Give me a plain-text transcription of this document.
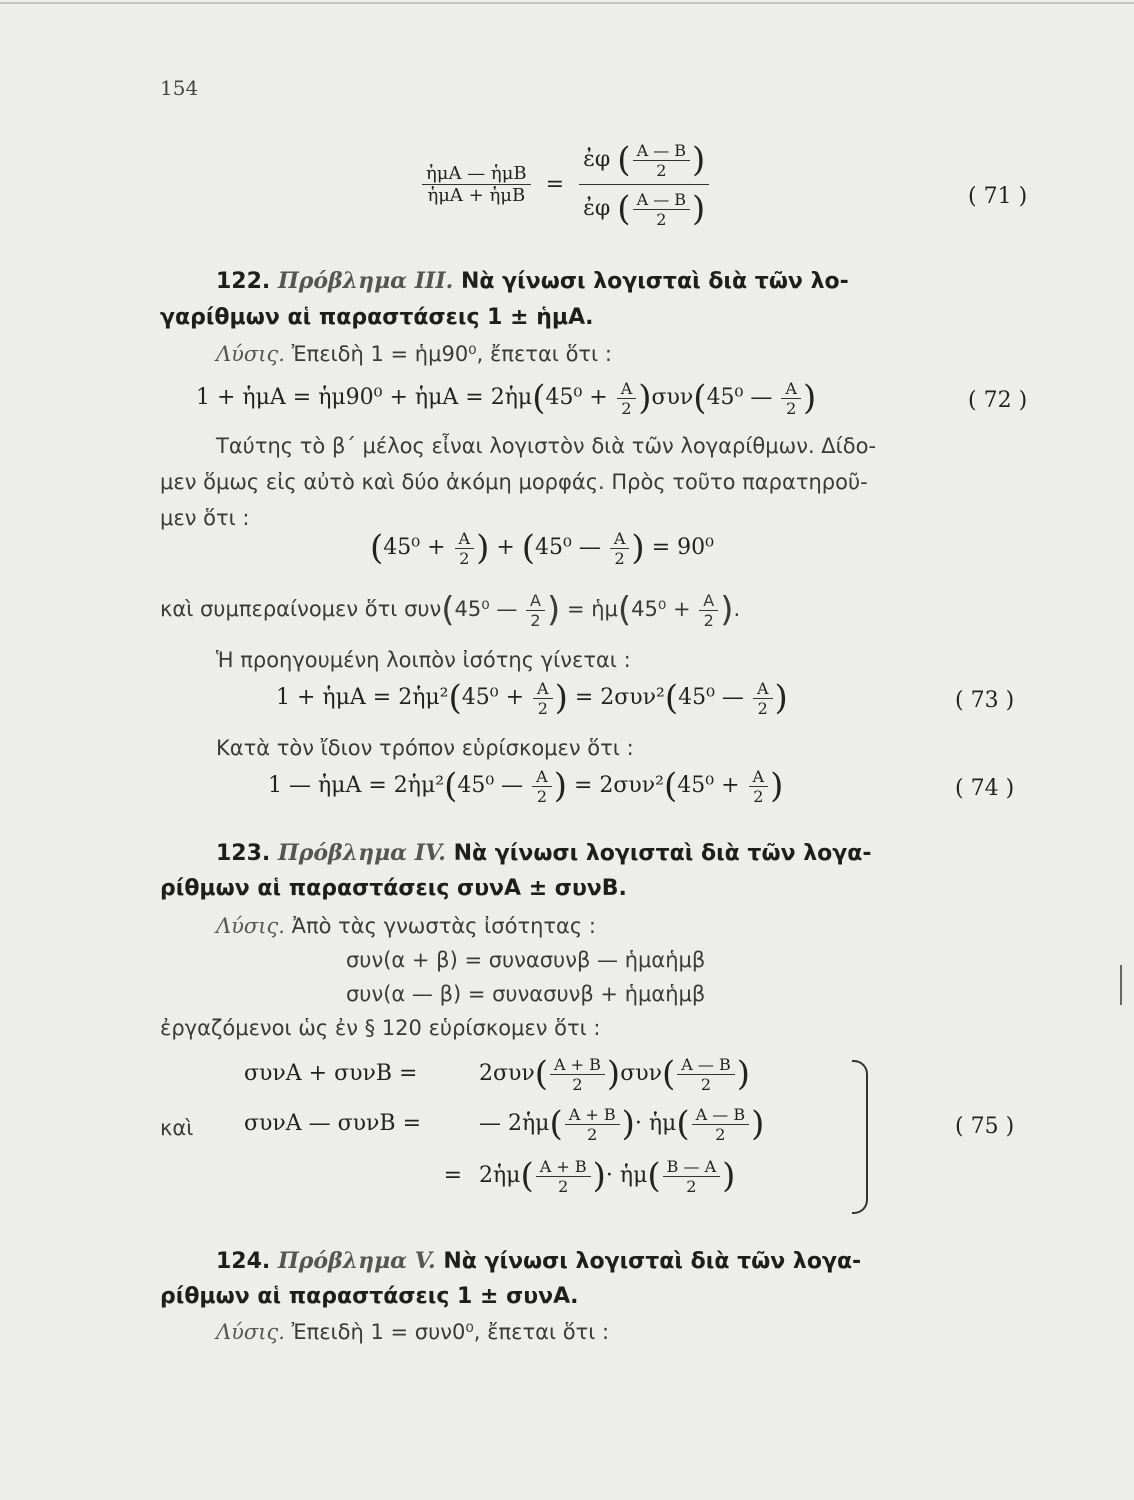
154
$\frac{\text{ἡμΑ — ἡμΒ}}{\text{ἡμΑ + ἡμΒ}} = \frac{ἐ\varphi ( \frac{A — B}{2} )}{ἐ\varphi ( \frac{A — B}{2} )}$	( 71 )
122. Πρόβλημα ΙΙΙ. Νὰ γίνωσι λογισταὶ διὰ τῶν λο-
γαρίθμων αἱ παραστάσεις 1 ± ἡμΑ.
Λύσις. Ἐπειδὴ 1 = ἡμ90⁰, ἔπεται ὅτι :
1 + ἡμΑ = ἡμ90⁰ + ἡμΑ = 2ἡμ(45⁰ + $\frac{A}{2} )\sigma\upsilon\nu(45^0$ — $\frac{A}{2}$ )	( 72 )
Ταύτης τὸ β΄ μέλος εἶναι λογιστὸν διὰ τῶν λογαρίθμων. Δίδο-
μεν ὅμως εἰς αὐτὸ καὶ δύο ἀκόμη μορφάς. Πρὸς τοῦτο παρατηροῦ-
μεν ὅτι :
($45^0 + \frac{A}{2}$ ) + (45⁰ — $\frac{A}{2}$ ) = 90⁰
καὶ συμπεραίνομεν ὅτι συν(45⁰ — $\frac{A}{2}$ ) = ἡμ(45⁰ + $\frac{A}{2}$ ).
Ἡ προηγουμένη λοιπὸν ἰσότης γίνεται :
1 + ἡμΑ = 2ἡμ²(45⁰ + $\frac{A}{2}$ ) = 2συν²(45⁰ — $\frac{A}{2}$ )	( 73 )
Κατὰ τὸν ἴδιον τρόπον εὑρίσκομεν ὅτι :
1 — ἡμΑ = 2ἡμ²(45⁰ — $\frac{A}{2}$ ) = $2\sigma\upsilon\nu^2(45^0 + \frac{A}{2}$ )	( 74 )
123. Πρόβλημα ΙV. Νὰ γίνωσι λογισταὶ διὰ τῶν λογα-
ρίθμων αἱ παραστάσεις συνΑ ± συνΒ.
Λύσις. Ἀπὸ τὰς γνωστὰς ἰσότητας :
συν(α + β) = συνασυνβ — ἡμαἡμβ
συν(α — β) = συνασυνβ + ἡμαἡμβ
ἐργαζόμενοι ὡς ἐν § 120 εὑρίσκομεν ὅτι :
συνΑ + συνΒ =	$2\sigma\upsilon\nu( \frac{A + B}{2} )\sigma\upsilon\nu( \frac{A — B}{2}$ )
καὶ συνΑ — συνΒ =	— 2ἡμ( $\frac{A + B}{2}$ )· ἡμ( $\frac{A — B}{2}$ )
= 2ἡμ( $\frac{A + B}{2}$ )· ἡμ( $\frac{B — A}{2}$ )
( 75 )
124. Πρόβλημα V. Νὰ γίνωσι λογισταὶ διὰ τῶν λογα-
ρίθμων αἱ παραστάσεις 1 ± συνΑ.
Λύσις. Ἐπειδὴ 1 = συν0⁰, ἔπεται ὅτι :
